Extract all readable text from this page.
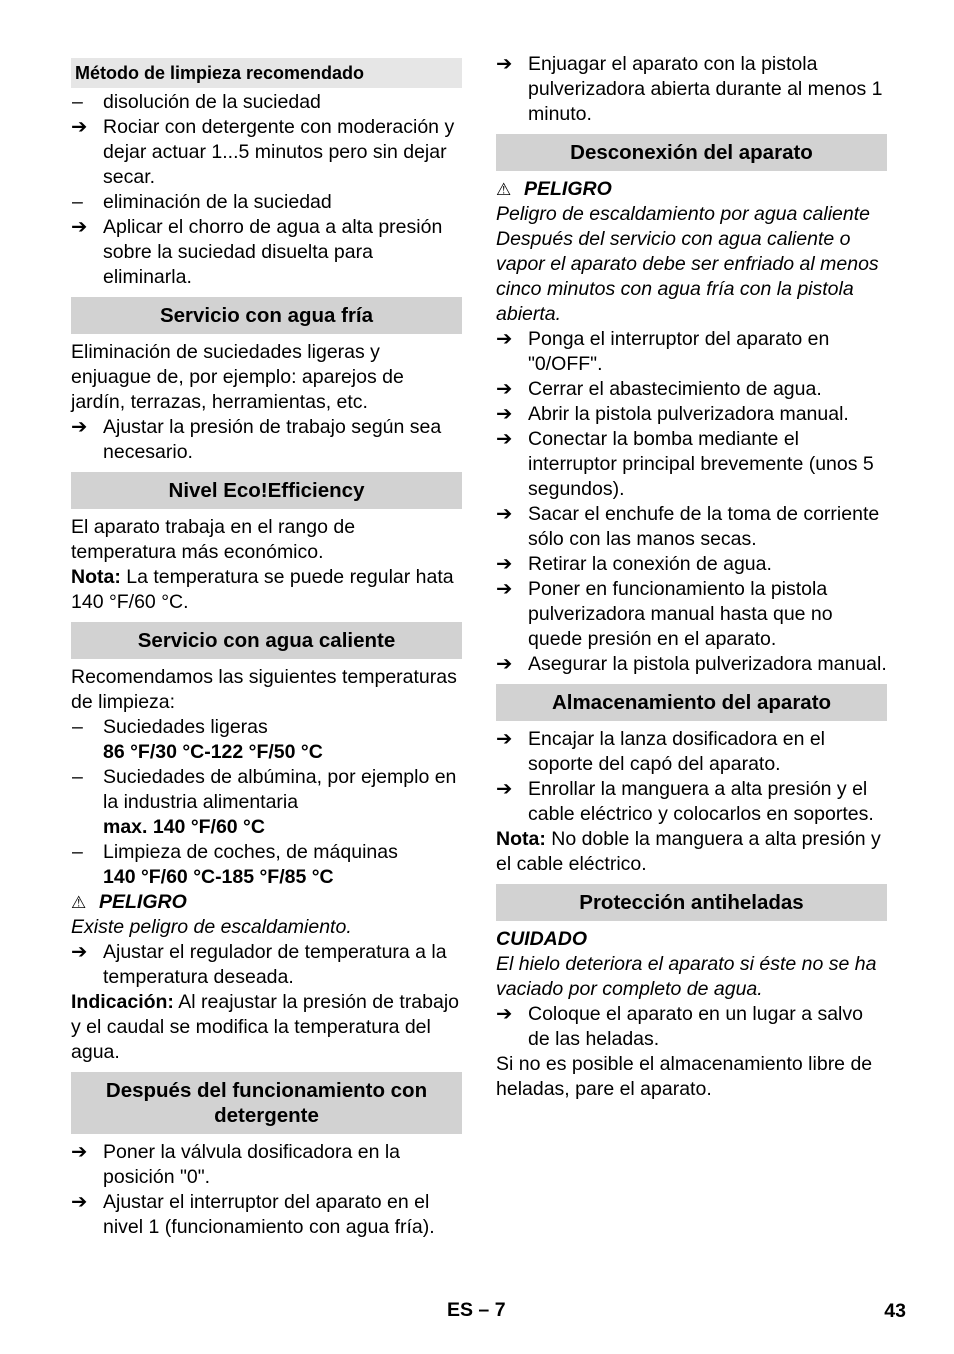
Método de limpieza recomendado
–	disolución de la suciedad
➔ Rociar con detergente con moderación y dejar actuar 1...5 minutos pero sin dejar secar.
–	eliminación de la suciedad
➔ Aplicar el chorro de agua a alta presión sobre la suciedad disuelta para eliminarla.
Servicio con agua fría

Eliminación de suciedades ligeras y enjuague de, por ejemplo: aparejos de jardín, terrazas, herramientas, etc.

➔ Ajustar la presión de trabajo según sea necesario.
Nivel Eco!Efficiency

El aparato trabaja en el rango de temperatura más económico.

Nota: La temperatura se puede regular hata 140 °F/60 °C.

Servicio con agua caliente

Recomendamos las siguientes temperaturas de limpieza:

–	Suciedades ligeras
86 °F/30 °C-122 °F/50 °C
–	Suciedades de albúmina, por ejemplo en la industria alimentaria
max. 140 °F/60 °C
–	Limpieza de coches, de máquinas
140 °F/60 °C-185 °F/85 °C

⚠ PELIGRO

Existe peligro de escaldamiento.

➔ Ajustar el regulador de temperatura a la temperatura deseada.

Indicación: Al reajustar la presión de trabajo y el caudal se modifica la temperatura del agua.

Después del funcionamiento con detergente
➔ Poner la válvula dosificadora en la posición "0".
➔ Ajustar el interruptor del aparato en el nivel 1 (funcionamiento con agua fría).
➔ Enjuagar el aparato con la pistola pulverizadora abierta durante al menos 1 minuto.
Desconexión del aparato

⚠ PELIGRO

Peligro de escaldamiento por agua caliente Después del servicio con agua caliente o vapor el aparato debe ser enfriado al menos cinco minutos con agua fría con la pistola abierta.

➔ Ponga el interruptor del aparato en "0/OFF".
➔ Cerrar el abastecimiento de agua.
➔ Abrir la pistola pulverizadora manual.
➔ Conectar la bomba mediante el interruptor principal brevemente (unos 5 segundos).
➔ Sacar el enchufe de la toma de corriente sólo con las manos secas.
➔ Retirar la conexión de agua.
➔ Poner en funcionamiento la pistola pulverizadora manual hasta que no quede presión en el aparato.
➔ Asegurar la pistola pulverizadora manual.
Almacenamiento del aparato
➔ Encajar la lanza dosificadora en el soporte del capó del aparato.
➔ Enrollar la manguera a alta presión y el cable eléctrico y colocarlos en soportes.

Nota: No doble la manguera a alta presión y el cable eléctrico.

Protección antiheladas

CUIDADO

El hielo deteriora el aparato si éste no se ha vaciado por completo de agua.

➔ Coloque el aparato en un lugar a salvo de las heladas.

Si no es posible el almacenamiento libre de heladas, pare el aparato.

ES – 7	43
